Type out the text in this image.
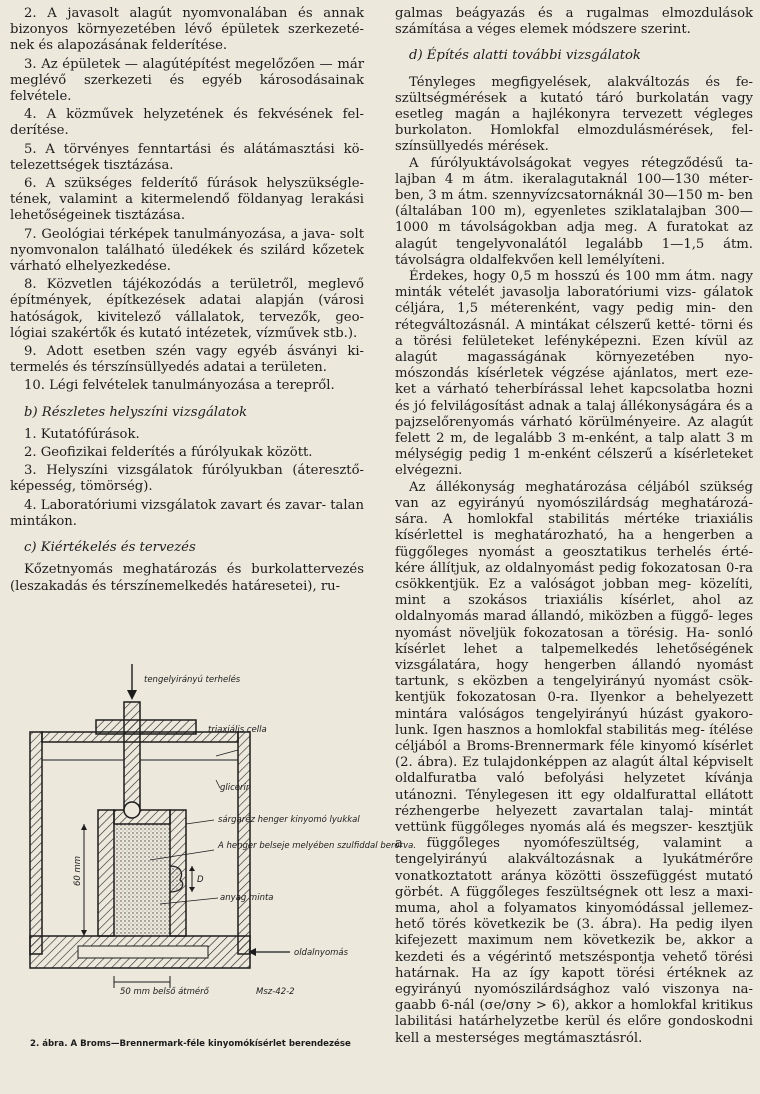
2. A javasolt alagút nyomvonalában és annak bizonyos környezetében lévő épületek szerkezeté- nek és alapozásának felderítése.

3. Az épületek — alagútépítést megelőzően — már meglévő szerkezeti és egyéb károsodásainak felvétele.

4. A közművek helyzetének és fekvésének fel- derítése.

5. A törvényes fenntartási és alátámasztási kö- telezettségek tisztázása.

6. A szükséges felderítő fúrások helyszükségle- tének, valamint a kitermelendő földanyag lerakási lehetőségeinek tisztázása.

7. Geológiai térképek tanulmányozása, a java- solt nyomvonalon található üledékek és szilárd kőzetek várható elhelyezkedése.

8. Közvetlen tájékozódás a területről, meglevő építmények, építkezések adatai alapján (városi hatóságok, kivitelező vállalatok, tervezők, geo- lógiai szakértők és kutató intézetek, vízművek stb.).

9. Adott esetben szén vagy egyéb ásványi ki- termelés és térszínsüllyedés adatai a területen.

10. Légi felvételek tanulmányozása a terepről.

b) Részletes helyszíni vizsgálatok

1. Kutatófúrások.

2. Geofizikai felderítés a fúrólyukak között.

3. Helyszíni vizsgálatok fúrólyukban (áteresztő- képesség, tömörség).

4. Laboratóriumi vizsgálatok zavart és zavar- talan mintákon.

c) Kiértékelés és tervezés

Kőzetnyomás meghatározás és burkolattervezés (leszakadás és térszínemelkedés határesetei), ru-

galmas beágyazás és a rugalmas elmozdulások számítása a véges elemek módszere szerint.

d) Építés alatti további vizsgálatok

Tényleges megfigyelések, alakváltozás és fe- szültségmérések a kutató táró burkolatán vagy esetleg magán a hajlékonyra tervezett végleges burkolaton. Homlokfal elmozdulásmérések, fel- színsüllyedés mérések.

A fúrólyuktávolságokat vegyes rétegződésű ta- lajban 4 m átm. ikeralagutaknál 100—130 méter- ben, 3 m átm. szennyvízcsatornáknál 30—150 m- ben (általában 100 m), egyenletes sziklatalajban 300—1000 m távolságokban adja meg. A furatokat az alagút tengelyvonalától legalább 1—1,5 átm. távolságra oldalfekvően kell lemélyíteni.

Érdekes, hogy 0,5 m hosszú és 100 mm átm. nagy minták vételét javasolja laboratóriumi vizs- gálatok céljára, 1,5 méterenként, vagy pedig min- den rétegváltozásnál. A mintákat célszerű ketté- törni és a törési felületeket lefényképezni. Ezen kívül az alagút magasságának környezetében nyo- mószondás kísérletek végzése ajánlatos, mert eze- ket a várható teherbírással lehet kapcsolatba hozni és jó felvilágosítást adnak a talaj állékonyságára és a pajzselőrenyomás várható körülményeire. Az alagút felett 2 m, de legalább 3 m-enként, a talp alatt 3 m mélységig pedig 1 m-enként célszerű a kísérleteket elvégezni.

Az állékonyság meghatározása céljából szükség van az egyirányú nyomószilárdság meghatározá- sára. A homlokfal stabilitás mértéke triaxiális kísérlettel is meghatározható, ha a hengerben a függőleges nyomást a geosztatikus terhelés érté- kére állítjuk, az oldalnyomást pedig fokozatosan 0-ra csökkentjük. Ez a valóságot jobban meg- közelíti, mint a szokásos triaxiális kísérlet, ahol az oldalnyomás marad állandó, miközben a függő- leges nyomást növeljük fokozatosan a törésig. Ha- sonló kísérlet lehet a talpemelkedés lehetőségének vizsgálatára, hogy hengerben állandó nyomást tartunk, s eközben a tengelyirányú nyomást csök- kentjük fokozatosan 0-ra. Ilyenkor a behelyezett mintára valóságos tengelyirányú húzást gyakoro- lunk. Igen hasznos a homlokfal stabilitás meg- ítélése céljából a Broms-Brennermark féle kinyomó kísérlet (2. ábra). Ez tulajdonképpen az alagút által képviselt oldalfuratba való befolyási helyzetet kívánja utánozni. Ténylegesen itt egy oldalfurattal ellátott rézhengerbe helyezett zavartalan talaj- mintát vettünk függőleges nyomás alá és megszer- kesztjük a függőleges nyomófeszültség, valamint a tengelyirányú alakváltozásnak a lyukátmérőre vonatkoztatott aránya közötti összefüggést mutató görbét. A függőleges feszültségnek ott lesz a maxi- muma, ahol a folyamatos kinyomódással jellemez- hető törés következik be (3. ábra). Ha pedig ilyen kifejezett maximum nem következik be, akkor a kezdeti és a végérintő metszéspontja vehető törési határnak. Ha az így kapott törési értéknek az egyirányú nyomószilárdsághoz való viszonya na- gaabb 6-nál (σe/σny > 6), akkor a homlokfal kritikus labilitási határhelyzetbe kerül és előre gondoskodni kell a mesterséges megtámasztásról.

tengelyirányú terhelés
triaxiális cella
glicerin
sárgaréz henger kinyomó lyukkal
A henger belseje melyében szulfiddal berorva.
anyag minta
oldalnyomás
60 mm	D
50 mm belső átmérő	Msz-42-2
2. ábra. A Broms—Brennermark-féle kinyomókísérlet berendezése
